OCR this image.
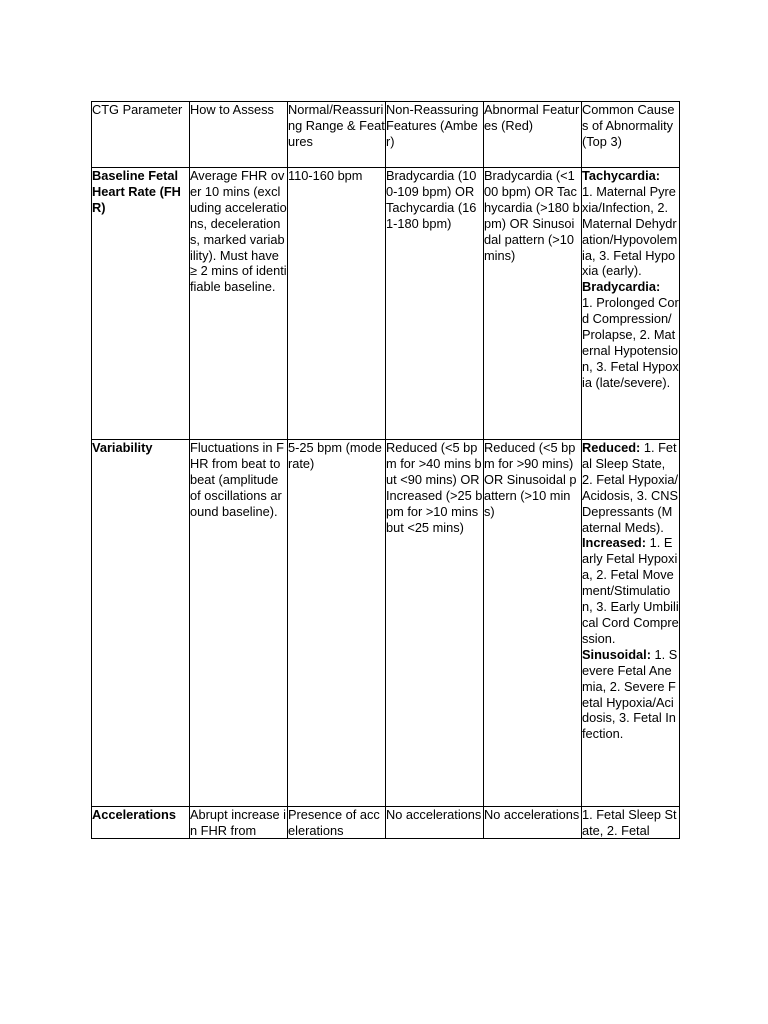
CTG Parameter	How to Assess	Normal/Reassuring Range & Features	Non-Reassuring Features (Amber)	Abnormal Features (Red)	Common Causes of Abnormality (Top 3)
Baseline Fetal Heart Rate (FHR)	Average FHR over 10 mins (excluding accelerations, decelerations, marked variability). Must have ≥ 2 mins of identifiable baseline.	110-160 bpm	Bradycardia (100-109 bpm) OR Tachycardia (161-180 bpm)	Bradycardia (<100 bpm) OR Tachycardia (>180 bpm) OR Sinusoidal pattern (>10 mins)	Tachycardia:
1. Maternal Pyrexia/Infection, 2. Maternal Dehydration/Hypovolemia, 3. Fetal Hypoxia (early).
Bradycardia:
1. Prolonged Cord Compression/Prolapse, 2. Maternal Hypotension, 3. Fetal Hypoxia (late/severe).

Variability	Fluctuations in FHR from beat to beat (amplitude of oscillations around baseline).	5-25 bpm (moderate)	Reduced (<5 bpm for >40 mins but <90 mins) OR Increased (>25 bpm for >10 mins but <25 mins)	Reduced (<5 bpm for >90 mins) OR Sinusoidal pattern (>10 mins)	Reduced: 1. Fetal Sleep State, 2. Fetal Hypoxia/Acidosis, 3. CNS Depressants (Maternal Meds).
Increased: 1. Early Fetal Hypoxia, 2. Fetal Movement/Stimulation, 3. Early Umbilical Cord Compression.
Sinusoidal: 1. Severe Fetal Anemia, 2. Severe Fetal Hypoxia/Acidosis, 3. Fetal Infection.

Accelerations	Abrupt increase in FHR from	Presence of accelerations	No accelerations	No accelerations	1. Fetal Sleep State, 2. Fetal
